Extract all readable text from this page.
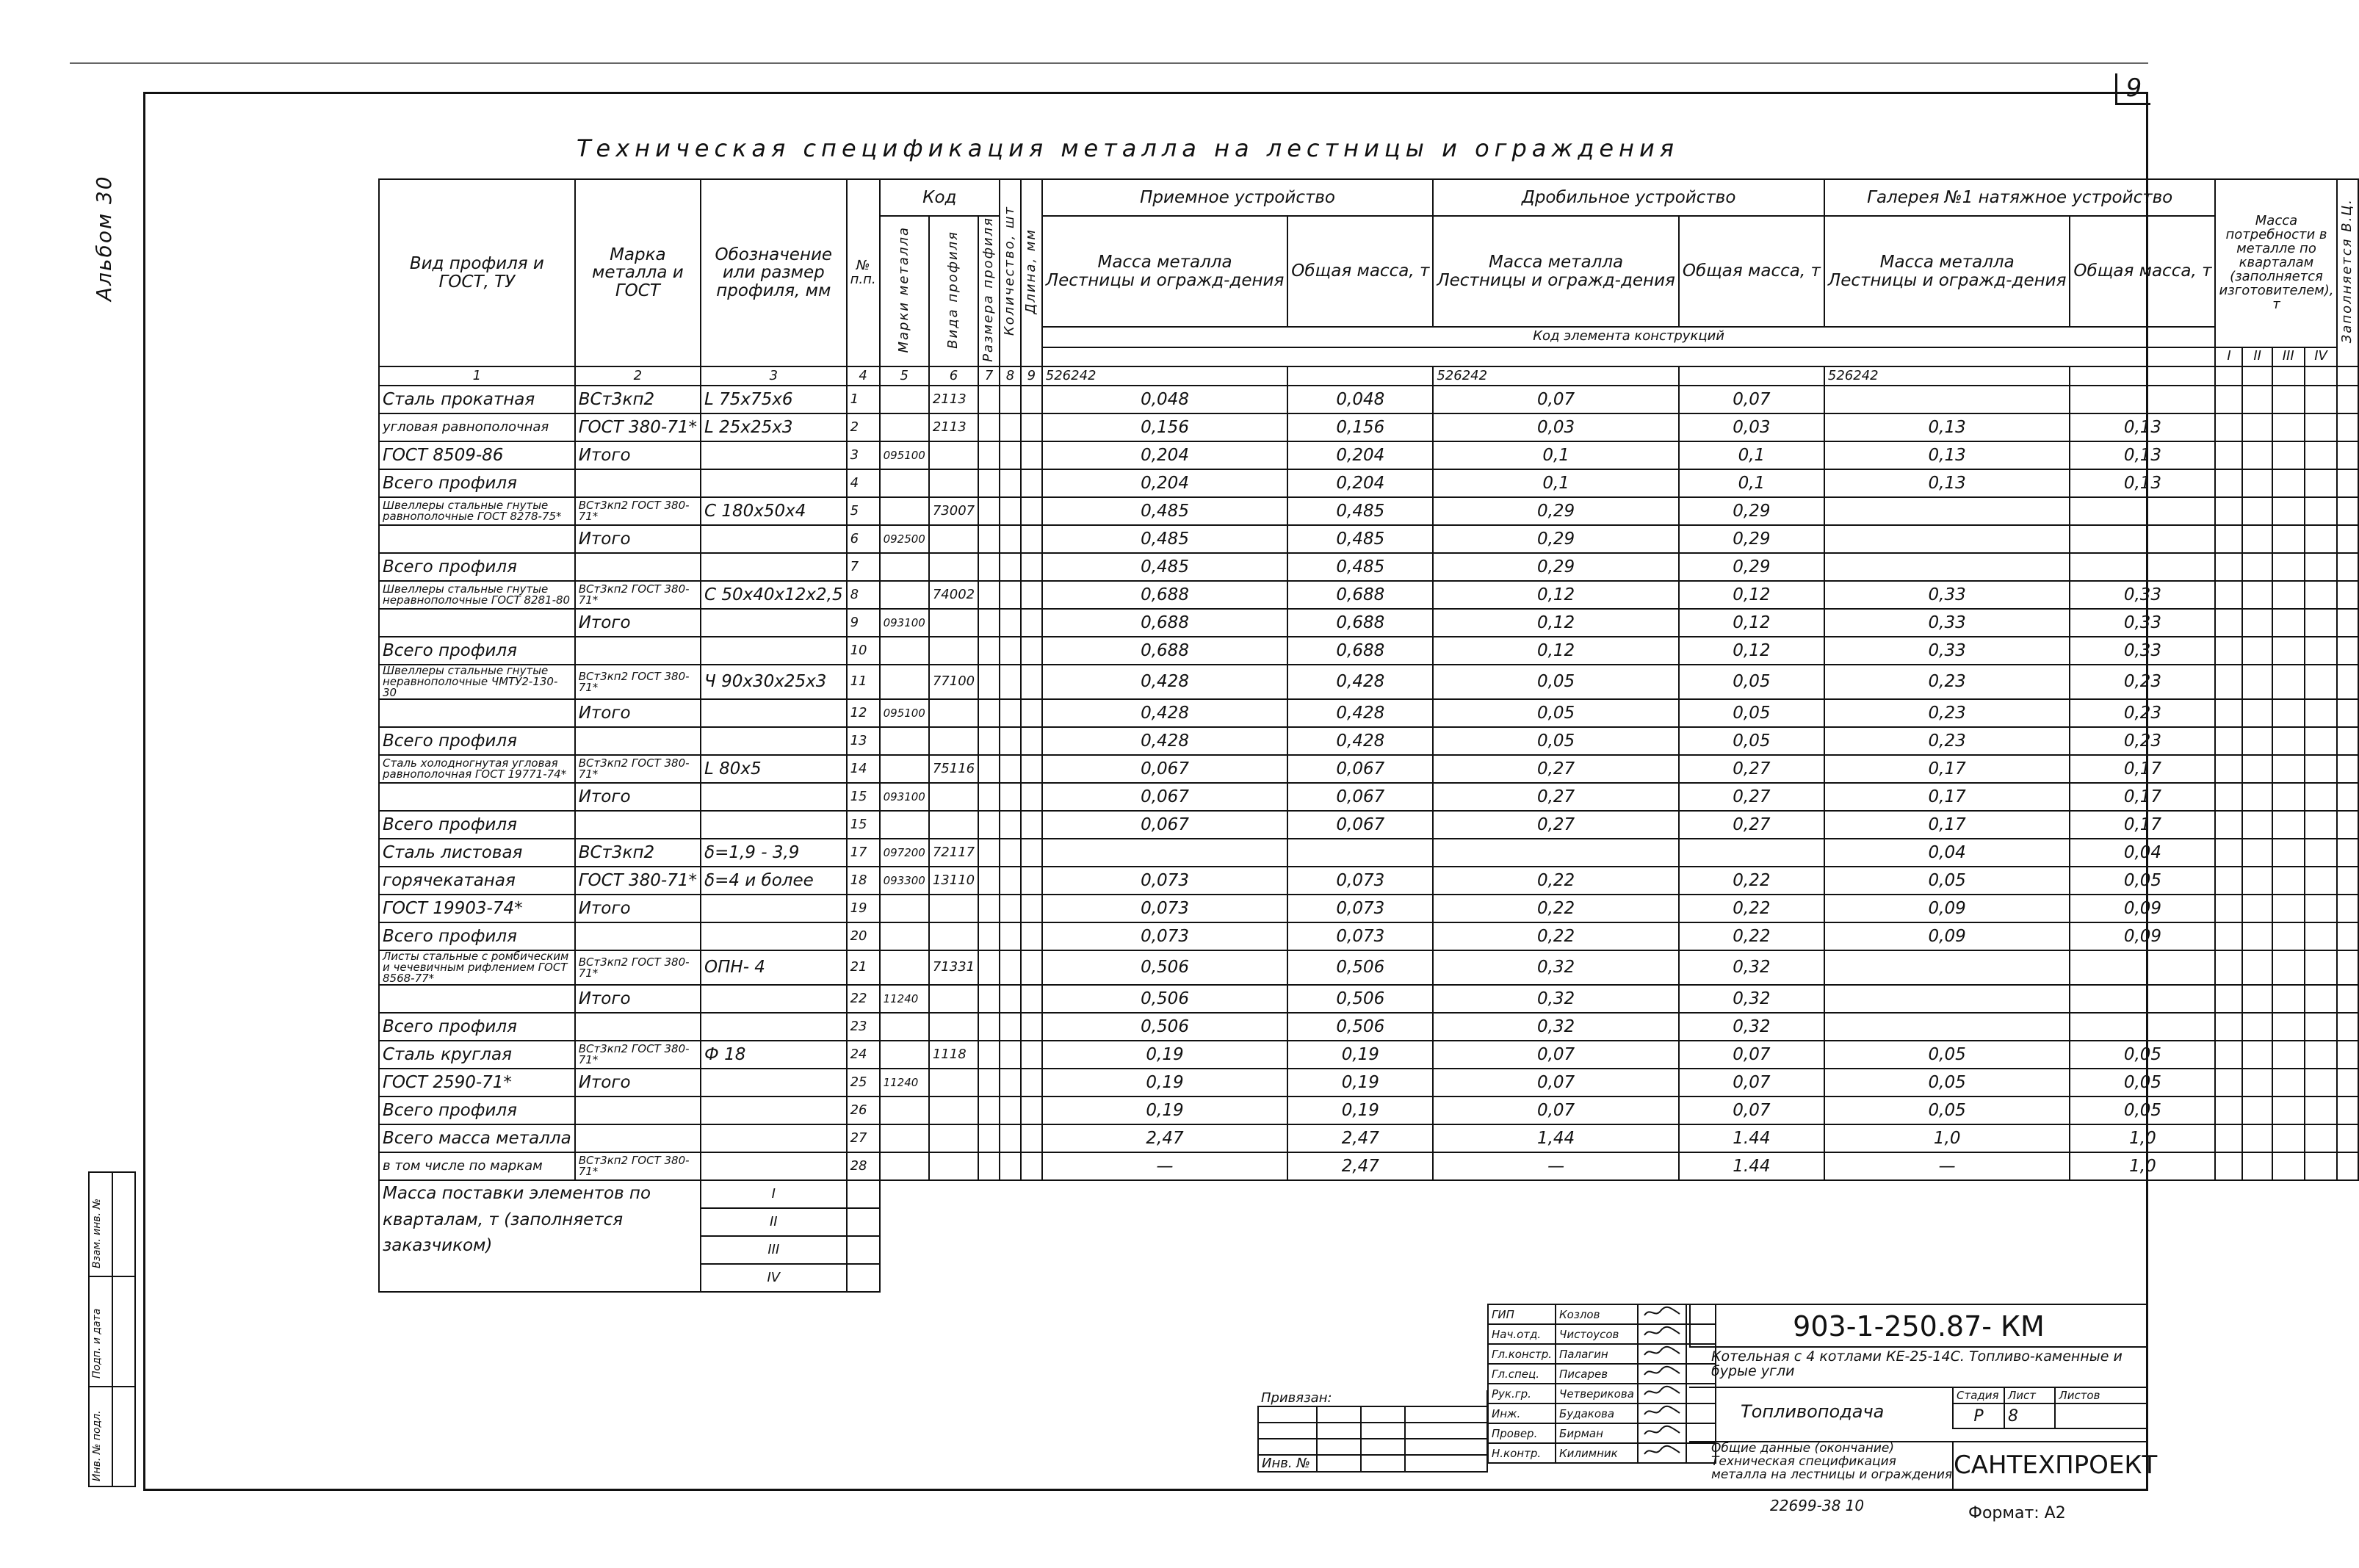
9
Альбом 30
Техническая спецификация металла на лестницы и ограждения
Вид профиля и ГОСТ, ТУ	Марка металла и ГОСТ	Обозначение или размер профиля, мм	№ п.п.	Код			Количество, шт	Длина, мм	Приемное устройство		Дробильное устройство		Галерея №1 натяжное устройство		Масса потребности в металле по кварталам (заполняется изготовителем), т				Заполняется В.Ц.
				Марки металла	Вида профиля	Размера профиля			Масса металла
Лестницы и огражд-дения	Общая масса, т	Масса металла
Лестницы и огражд-дения	Общая масса, т	Масса металла
Лестницы и огражд-дения	Общая масса, т					
									Код элемента конструкций										
															I	II	III	IV	
1	2	3	4	5	6	7	8	9	526242		526242		526242						
Сталь прокатная	ВСт3кп2	L 75х75х6	1		2113				0,048	0,048	0,07	0,07							
угловая равнополочная	ГОСТ 380-71*	L 25х25х3	2		2113				0,156	0,156	0,03	0,03	0,13	0,13					
ГОСТ 8509-86	Итого		3	095100					0,204	0,204	0,1	0,1	0,13	0,13					
Всего профиля			4						0,204	0,204	0,1	0,1	0,13	0,13					
Швеллеры стальные гнутые равнополочные ГОСТ 8278-75*	ВСт3кп2 ГОСТ 380-71*	С 180х50х4	5		73007				0,485	0,485	0,29	0,29							
	Итого		6	092500					0,485	0,485	0,29	0,29							
Всего профиля			7						0,485	0,485	0,29	0,29							
Швеллеры стальные гнутые неравнополочные ГОСТ 8281-80	ВСт3кп2 ГОСТ 380-71*	С 50х40х12х2,5	8		74002				0,688	0,688	0,12	0,12	0,33	0,33					
	Итого		9	093100					0,688	0,688	0,12	0,12	0,33	0,33					
Всего профиля			10						0,688	0,688	0,12	0,12	0,33	0,33					
Швеллеры стальные гнутые неравнополочные ЧМТУ2-130-30	ВСт3кп2 ГОСТ 380-71*	Ч 90х30х25х3	11		77100				0,428	0,428	0,05	0,05	0,23	0,23					
	Итого		12	095100					0,428	0,428	0,05	0,05	0,23	0,23					
Всего профиля			13						0,428	0,428	0,05	0,05	0,23	0,23					
Сталь холодногнутая угловая равнополочная ГОСТ 19771-74*	ВСт3кп2 ГОСТ 380-71*	L 80х5	14		75116				0,067	0,067	0,27	0,27	0,17	0,17					
	Итого		15	093100					0,067	0,067	0,27	0,27	0,17	0,17					
Всего профиля			15						0,067	0,067	0,27	0,27	0,17	0,17					
Сталь листовая	ВСт3кп2	δ=1,9 - 3,9	17	097200	72117								0,04	0,04					
горячекатаная	ГОСТ 380-71*	δ=4 и более	18	093300	13110				0,073	0,073	0,22	0,22	0,05	0,05					
ГОСТ 19903-74*	Итого		19						0,073	0,073	0,22	0,22	0,09	0,09					
Всего профиля			20						0,073	0,073	0,22	0,22	0,09	0,09					
Листы стальные с ромбическим и чечевичным рифлением ГОСТ 8568-77*	ВСт3кп2 ГОСТ 380-71*	ОПН- 4	21		71331				0,506	0,506	0,32	0,32							
	Итого		22	11240					0,506	0,506	0,32	0,32							
Всего профиля			23						0,506	0,506	0,32	0,32							
Сталь круглая	ВСт3кп2 ГОСТ 380-71*	Ф 18	24		1118				0,19	0,19	0,07	0,07	0,05	0,05					
ГОСТ 2590-71*	Итого		25	11240					0,19	0,19	0,07	0,07	0,05	0,05					
Всего профиля			26						0,19	0,19	0,07	0,07	0,05	0,05					
Всего масса металла			27						2,47	2,47	1,44	1.44	1,0	1,0					
в том числе по маркам	ВСт3кп2 ГОСТ 380-71*		28						—	2,47	—	1.44	—	1,0					
Масса поставки элементов по кварталам, т (заполняется заказчиком)		I																	
		II																	
		III																	
		IV																	
ГИП	Козлов		
Нач.отд.	Чистоусов		
Гл.констр.	Палагин		
Гл.спец.	Писарев		
Рук.гр.	Четверикова		
Инж.	Будакова		
Провер.	Бирман		
Н.контр.	Килимник		
Привязан:			

Инв. №			
903-1-250.87- КМ
Котельная с 4 котлами КЕ-25-14С. Топливо-каменные и бурые угли
Топливоподача
Стадия	Лист	Листов
Р	8	
Общие данные (окончание) Техническая спецификация металла на лестницы и ограждения САНТЕХПРОЕКТ
22699-38 10	Формат: А2
Инв. № подл.
Подп. и дата
Взам. инв. №
